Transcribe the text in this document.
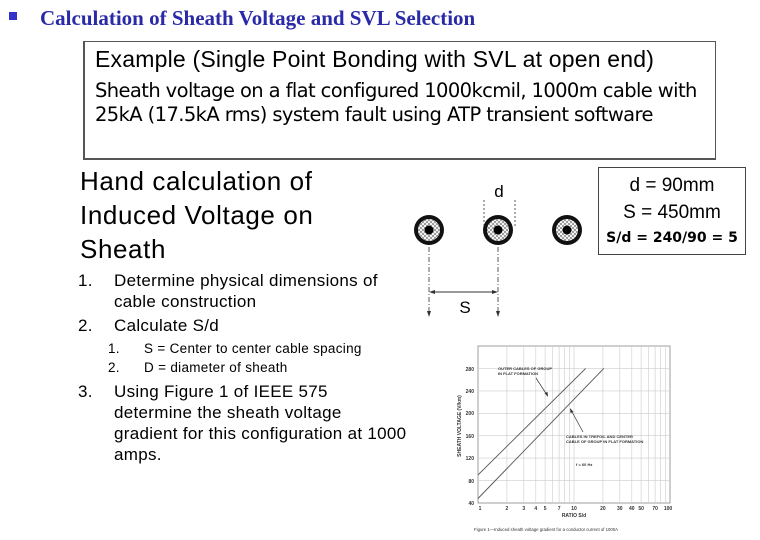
Calculation of Sheath Voltage and SVL Selection
Example (Single Point Bonding with SVL at open end)
Sheath voltage on a flat configured 1000kcmil, 1000m cable with 25kA (17.5kA rms) system fault using ATP transient software
Hand calculation of Induced Voltage on Sheath
1. Determine physical dimensions of cable construction
2. Calculate S/d
1. S = Center to center cable spacing
2. D = diameter of sheath
3. Using Figure 1 of IEEE 575 determine the sheath voltage gradient for this configuration at 1000 amps.
d
S
d = 90mm
S = 450mm
S/d = 240/90 = 5
40
80
120
160
200
240
280
1	2	3 4 5 7 10	20 30 40 50 70 100
RATIO S/d
SHEATH VOLTAGE (V/km)
OUTER CABLES OF GROUP
IN FLAT FORMATION
CABLES IN TREFOIL AND CENTER
CABLE OF GROUP IN FLAT FORMATION
f = 60 Hz
Figure 1—Induced sheath voltage gradient for a conductor current of 1000A
